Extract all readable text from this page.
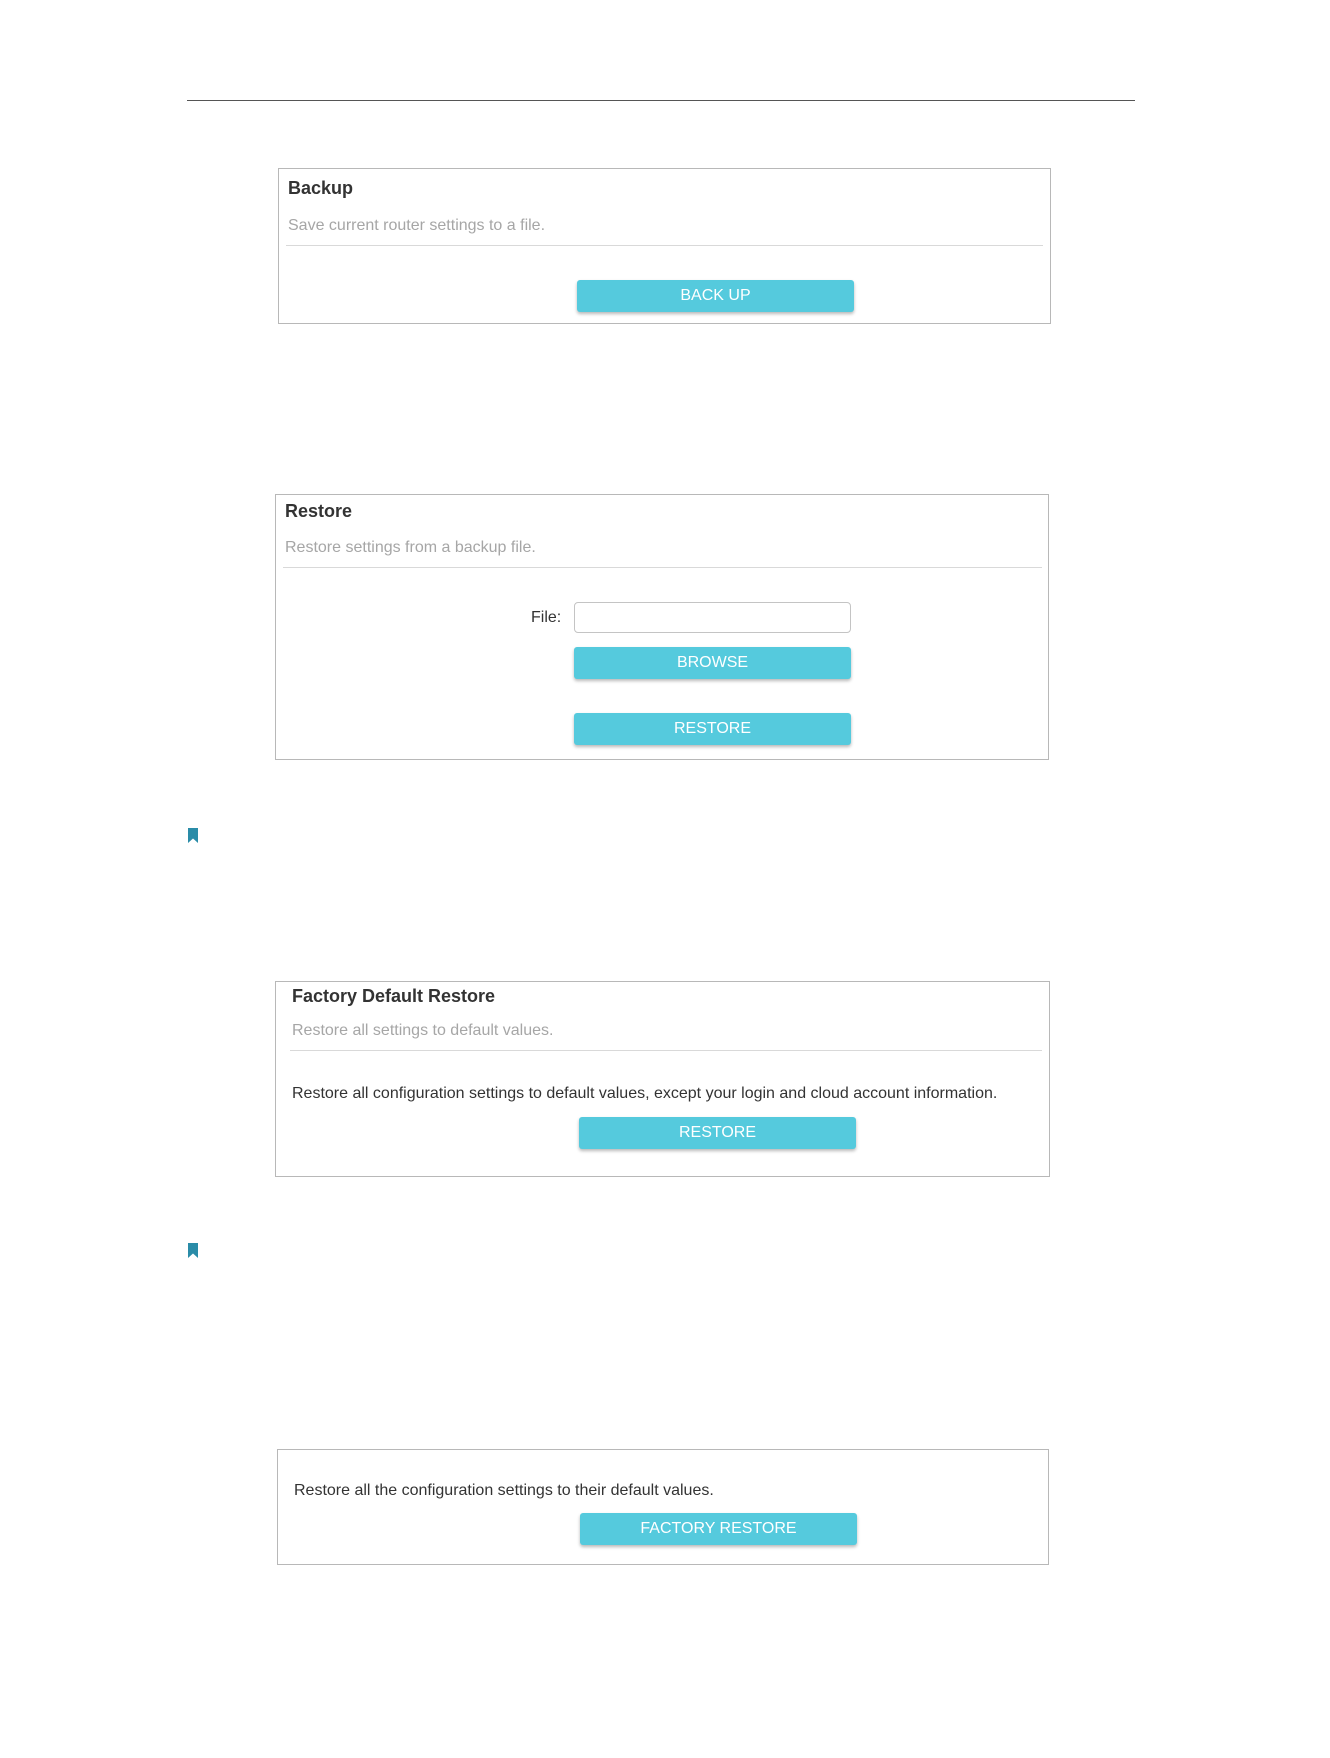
Backup
Save current router settings to a file.
BACK UP
Restore
Restore settings from a backup file.
File:
BROWSE
RESTORE
Factory Default Restore
Restore all settings to default values.
Restore all configuration settings to default values, except your login and cloud account information.
RESTORE
Restore all the configuration settings to their default values.
FACTORY RESTORE
